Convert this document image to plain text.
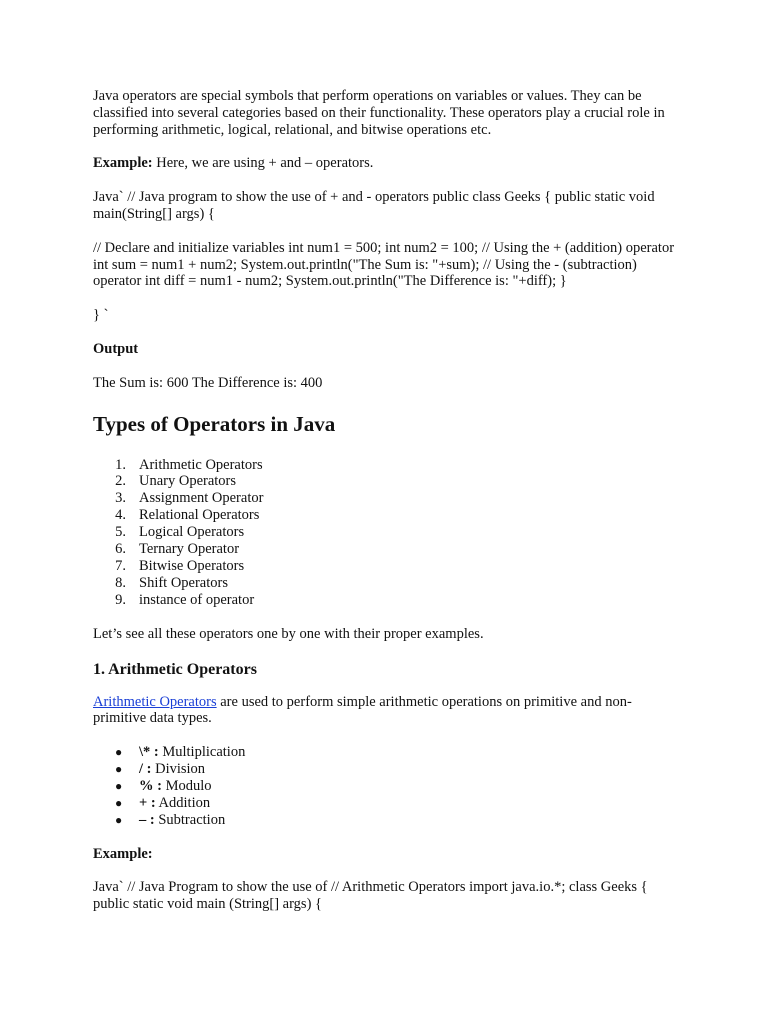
Java operators are special symbols that perform operations on variables or values. They can be classified into several categories based on their functionality. These operators play a crucial role in performing arithmetic, logical, relational, and bitwise operations etc.

Example: Here, we are using + and – operators.

Java` // Java program to show the use of + and - operators public class Geeks { public static void main(String[] args) {

// Declare and initialize variables int num1 = 500; int num2 = 100; // Using the + (addition) operator int sum = num1 + num2; System.out.println("The Sum is: "+sum); // Using the - (subtraction) operator int diff = num1 - num2; System.out.println("The Difference is: "+diff); }

} `

Output

The Sum is: 600 The Difference is: 400

Types of Operators in Java
1. Arithmetic Operators
2. Unary Operators
3. Assignment Operator
4. Relational Operators
5. Logical Operators
6. Ternary Operator
7. Bitwise Operators
8. Shift Operators
9. instance of operator

Let’s see all these operators one by one with their proper examples.

1. Arithmetic Operators

Arithmetic Operators are used to perform simple arithmetic operations on primitive and non-primitive data types.

● \* : Multiplication
● / : Division
● % : Modulo
● + : Addition
● – : Subtraction

Example:

Java` // Java Program to show the use of // Arithmetic Operators import java.io.*; class Geeks { public static void main (String[] args) {
